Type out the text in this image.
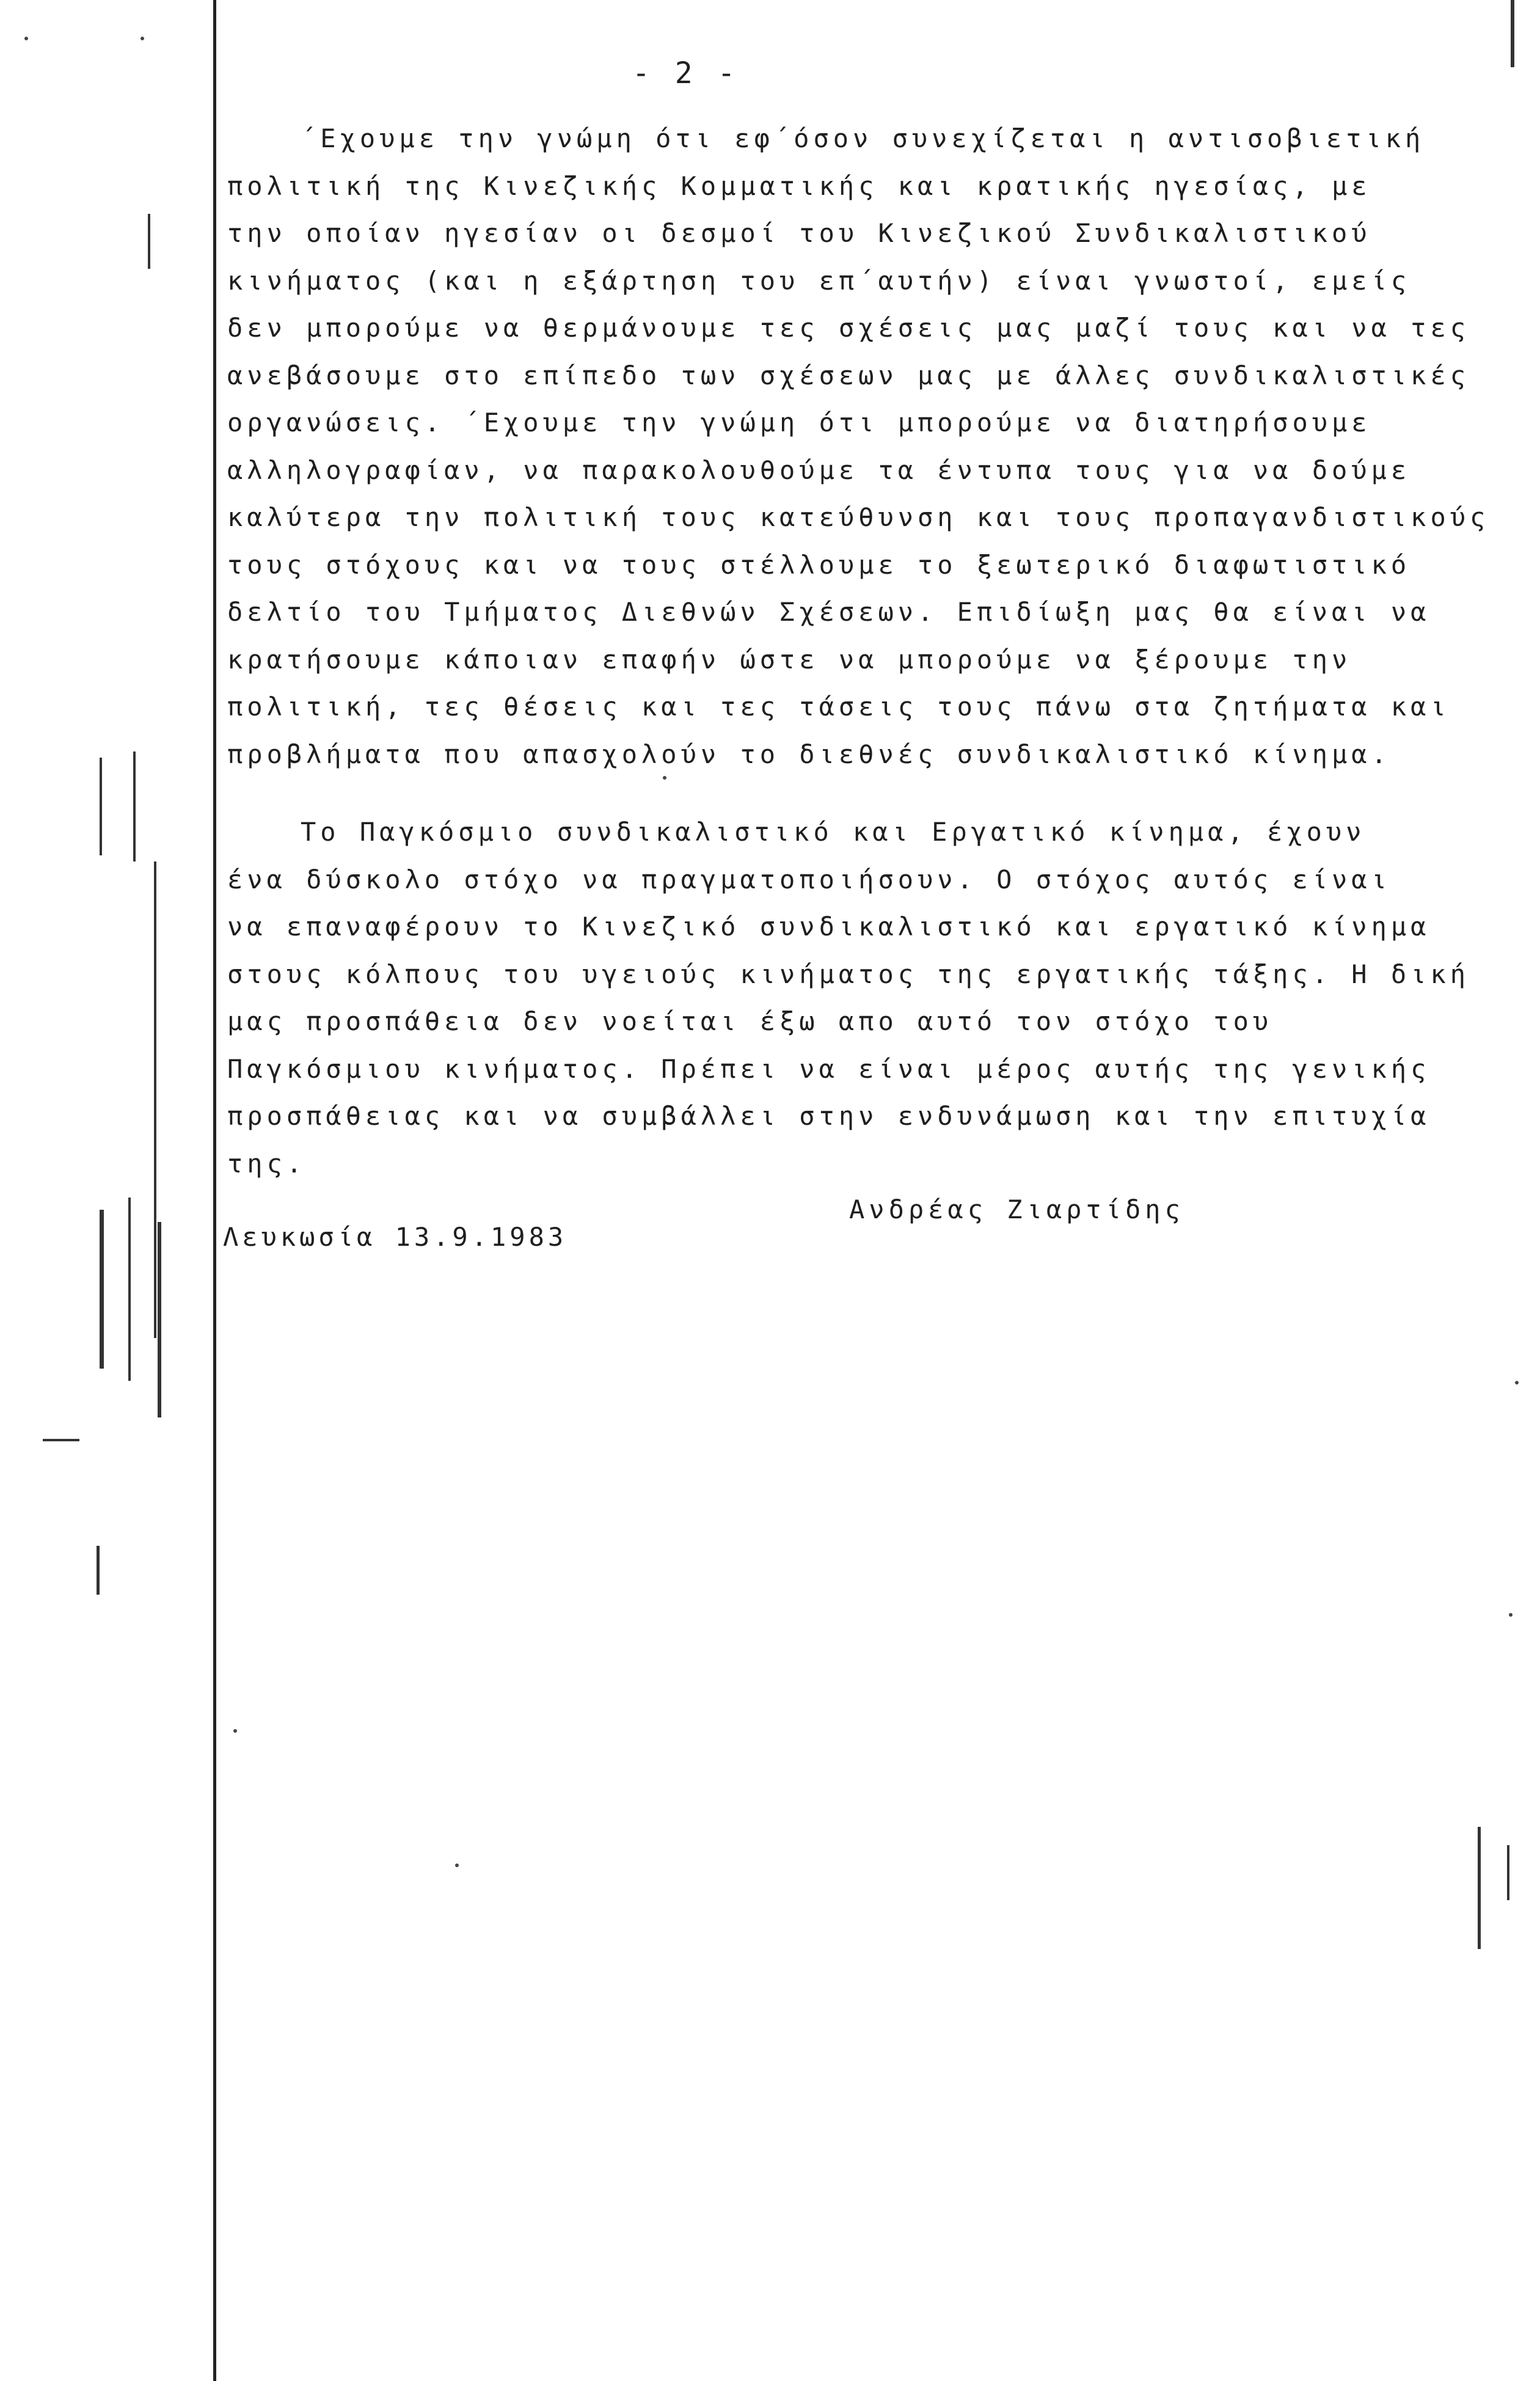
- 2 -

΄Εχουμε την γνώμη ότι εφ΄όσον συνεχίζεται η αντισοβιετική
πολιτική της Κινεζικής Κομματικής και κρατικής ηγεσίας, με
την οποίαν ηγεσίαν οι δεσμοί του Κινεζικού Συνδικαλιστικού
κινήματος (και η εξάρτηση του επ΄αυτήν) είναι γνωστοί, εμείς
δεν μπορούμε να θερμάνουμε τες σχέσεις μας μαζί τους και να τες
ανεβάσουμε στο επίπεδο των σχέσεων μας με άλλες συνδικαλιστικές
οργανώσεις. ΄Εχουμε την γνώμη ότι μπορούμε να διατηρήσουμε
αλληλογραφίαν, να παρακολουθούμε τα έντυπα τους για να δούμε
καλύτερα την πολιτική τους κατεύθυνση και τους προπαγανδιστικούς
τους στόχους και να τους στέλλουμε το ξεωτερικό διαφωτιστικό
δελτίο του Τμήματος Διεθνών Σχέσεων. Επιδίωξη μας θα είναι να
κρατήσουμε κάποιαν επαφήν ώστε να μπορούμε να ξέρουμε την
πολιτική, τες θέσεις και τες τάσεις τους πάνω στα ζητήματα και
προβλήματα που απασχολούν το διεθνές συνδικαλιστικό κίνημα.

Το Παγκόσμιο συνδικαλιστικό και Εργατικό κίνημα, έχουν
ένα δύσκολο στόχο να πραγματοποιήσουν. Ο στόχος αυτός είναι
να επαναφέρουν το Κινεζικό συνδικαλιστικό και εργατικό κίνημα
στους κόλπους του υγειούς κινήματος της εργατικής τάξης. Η δική
μας προσπάθεια δεν νοείται έξω απο αυτό τον στόχο του
Παγκόσμιου κινήματος. Πρέπει να είναι μέρος αυτής της γενικής
προσπάθειας και να συμβάλλει στην ενδυνάμωση και την επιτυχία
της.

Ανδρέας Ζιαρτίδης
Λευκωσία 13.9.1983
